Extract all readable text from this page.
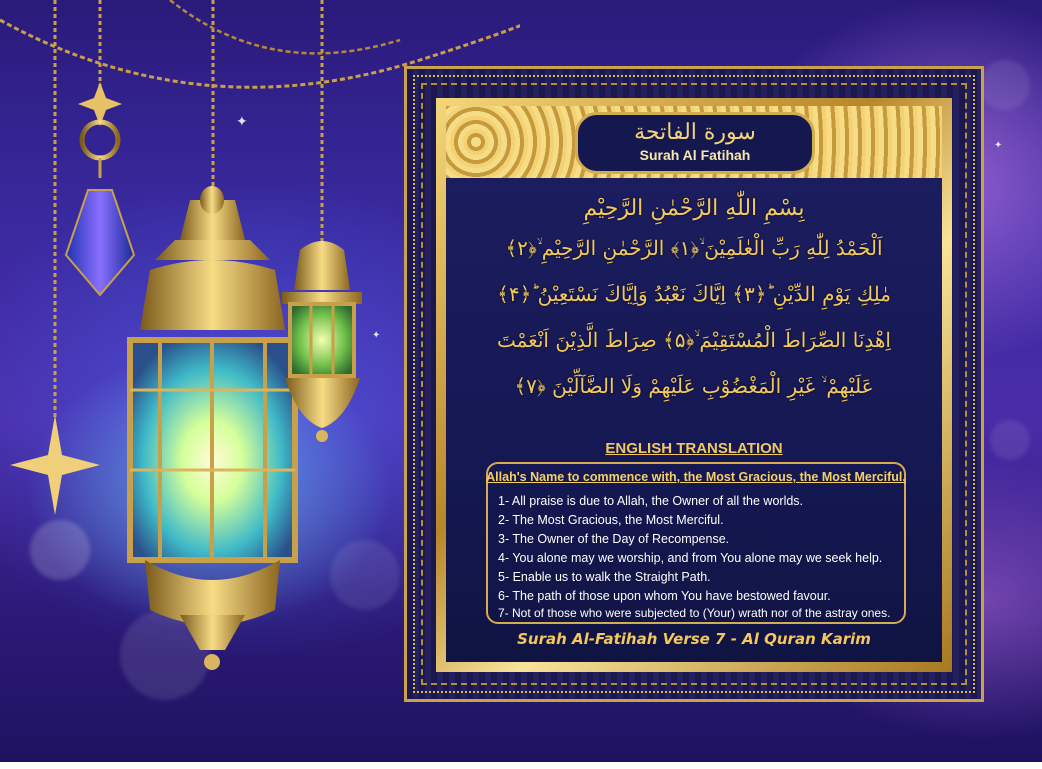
✦
✦
✦
سورة الفاتحة
Surah Al Fatihah
بِسْمِ اللّٰهِ الرَّحْمٰنِ الرَّحِيْمِ
اَلْحَمْدُ لِلّٰهِ رَبِّ الْعٰلَمِيْنَ ۙ﴿۱﴾ الرَّحْمٰنِ الرَّحِيْمِ ۙ﴿۲﴾
مٰلِكِ يَوْمِ الدِّيْنِ ؕ﴿۳﴾ اِيَّاكَ نَعْبُدُ وَاِيَّاكَ نَسْتَعِيْنُ ؕ﴿۴﴾
اِهْدِنَا الصِّرَاطَ الْمُسْتَقِيْمَ ۙ﴿۵﴾ صِرَاطَ الَّذِيْنَ اَنْعَمْتَ
عَلَيْهِمْ ۙ غَيْرِ الْمَغْضُوْبِ عَلَيْهِمْ وَلَا الضَّآلِّيْنَ ﴿۷﴾
ENGLISH TRANSLATION
Allah's Name to commence with, the Most Gracious, the Most Merciful.
1- All praise is due to Allah, the Owner of all the worlds.
2- The Most Gracious, the Most Merciful.
3- The Owner of the Day of Recompense.
4- You alone may we worship, and from You alone may we seek help.
5- Enable us to walk the Straight Path.
6- The path of those upon whom You have bestowed favour.
7- Not of those who were subjected to (Your) wrath nor of the astray ones.
Surah Al-Fatihah Verse 7 - Al Quran Karim
